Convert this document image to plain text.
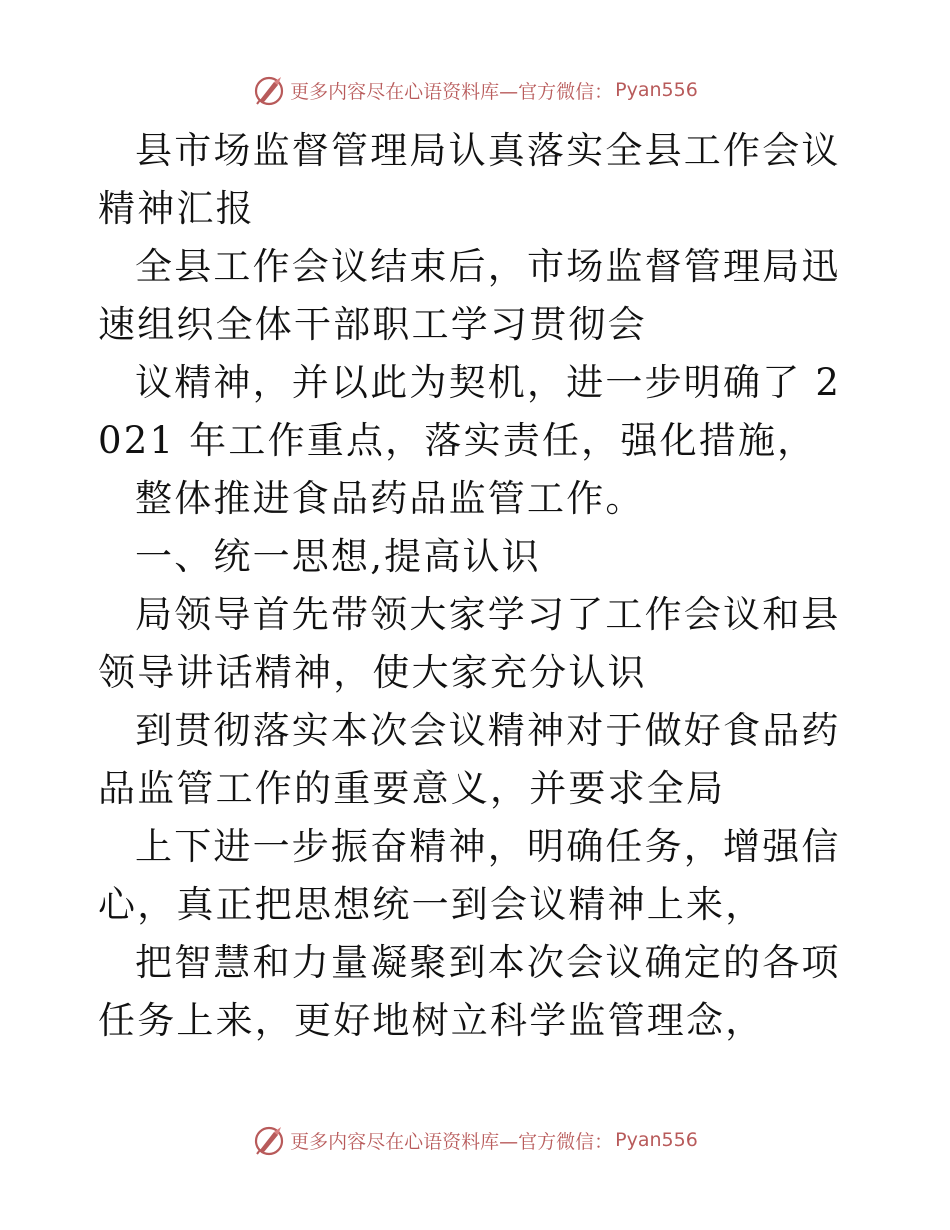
更多内容尽在心语资料库—官方微信： Pyan556

县市场监督管理局认真落实全县工作会议精神汇报

全县工作会议结束后，市场监督管理局迅速组织全体干部职工学习贯彻会

议精神，并以此为契机，进一步明确了 2021 年工作重点，落实责任，强化措施，

整体推进食品药品监管工作。

一、统一思想,提高认识

局领导首先带领大家学习了工作会议和县领导讲话精神，使大家充分认识

到贯彻落实本次会议精神对于做好食品药品监管工作的重要意义，并要求全局

上下进一步振奋精神，明确任务，增强信心，真正把思想统一到会议精神上来，

把智慧和力量凝聚到本次会议确定的各项任务上来，更好地树立科学监管理念，

更多内容尽在心语资料库—官方微信： Pyan556
